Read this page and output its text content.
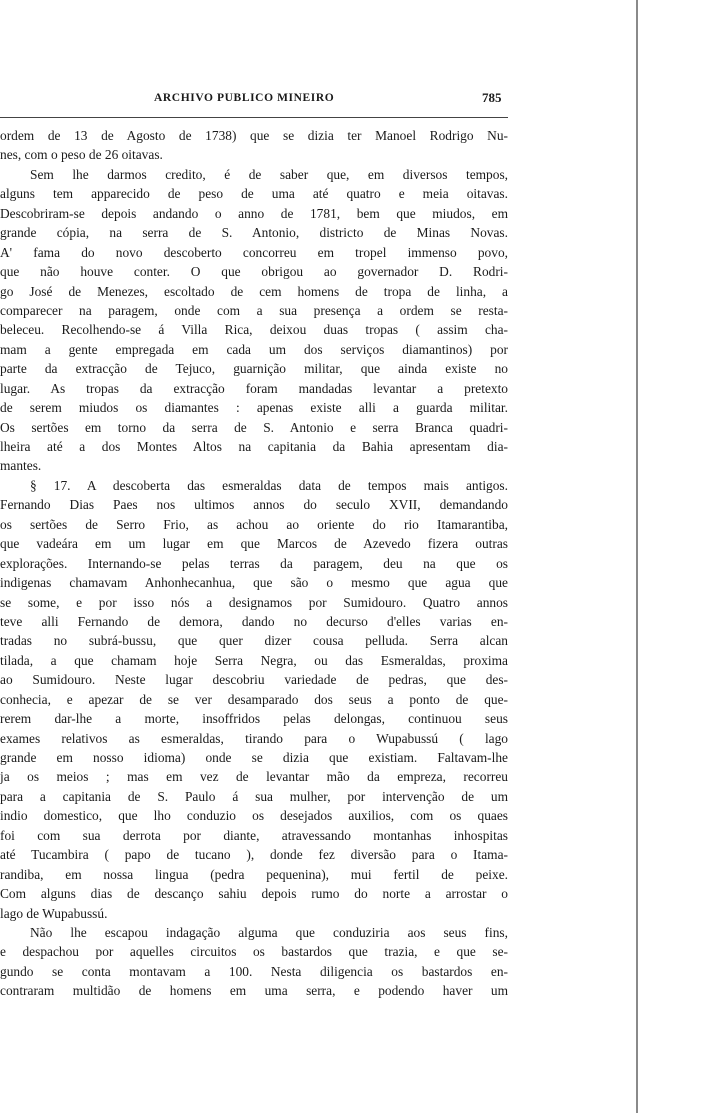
ARCHIVO PUBLICO MINEIRO	785
ordem de 13 de Agosto de 1738) que se dizia ter Manoel Rodrigo Nu-
nes, com o peso de 26 oitavas.
Sem lhe darmos credito, é de saber que, em diversos tempos,
alguns tem apparecido de peso de uma até quatro e meia oitavas.
Descobriram-se depois andando o anno de 1781, bem que miudos, em
grande cópia, na serra de S. Antonio, districto de Minas Novas.
A' fama do novo descoberto concorreu em tropel immenso povo,
que não houve conter. O que obrigou ao governador D. Rodri-
go José de Menezes, escoltado de cem homens de tropa de linha, a
comparecer na paragem, onde com a sua presença a ordem se resta-
beleceu. Recolhendo-se á Villa Rica, deixou duas tropas ( assim cha-
mam a gente empregada em cada um dos serviços diamantinos) por
parte da extracção de Tejuco, guarnição militar, que ainda existe no
lugar. As tropas da extracção foram mandadas levantar a pretexto
de serem miudos os diamantes : apenas existe alli a guarda militar.
Os sertões em torno da serra de S. Antonio e serra Branca quadri-
lheira até a dos Montes Altos na capitania da Bahia apresentam dia-
mantes.
§ 17. A descoberta das esmeraldas data de tempos mais antigos.
Fernando Dias Paes nos ultimos annos do seculo XVII, demandando
os sertões de Serro Frio, as achou ao oriente do rio Itamarantiba,
que vadeára em um lugar em que Marcos de Azevedo fizera outras
explorações. Internando-se pelas terras da paragem, deu na que os
indigenas chamavam Anhonhecanhua, que são o mesmo que agua que
se some, e por isso nós a designamos por Sumidouro. Quatro annos
teve alli Fernando de demora, dando no decurso d'elles varias en-
tradas no subrá-bussu, que quer dizer cousa pelluda. Serra alcan
tilada, a que chamam hoje Serra Negra, ou das Esmeraldas, proxima
ao Sumidouro. Neste lugar descobriu variedade de pedras, que des-
conhecia, e apezar de se ver desamparado dos seus a ponto de que-
rerem dar-lhe a morte, insoffridos pelas delongas, continuou seus
exames relativos as esmeraldas, tirando para o Wupabussú ( lago
grande em nosso idioma) onde se dizia que existiam. Faltavam-lhe
ja os meios ; mas em vez de levantar mão da empreza, recorreu
para a capitania de S. Paulo á sua mulher, por intervenção de um
indio domestico, que lho conduzio os desejados auxilios, com os quaes
foi com sua derrota por diante, atravessando montanhas inhospitas
até Tucambira ( papo de tucano ), donde fez diversão para o Itama-
randiba, em nossa lingua (pedra pequenina), mui fertil de peixe.
Com alguns dias de descanço sahiu depois rumo do norte a arrostar o
lago de Wupabussú.
Não lhe escapou indagação alguma que conduziria aos seus fins,
e despachou por aquelles circuitos os bastardos que trazia, e que se-
gundo se conta montavam a 100. Nesta diligencia os bastardos en-
contraram multidão de homens em uma serra, e podendo haver um
